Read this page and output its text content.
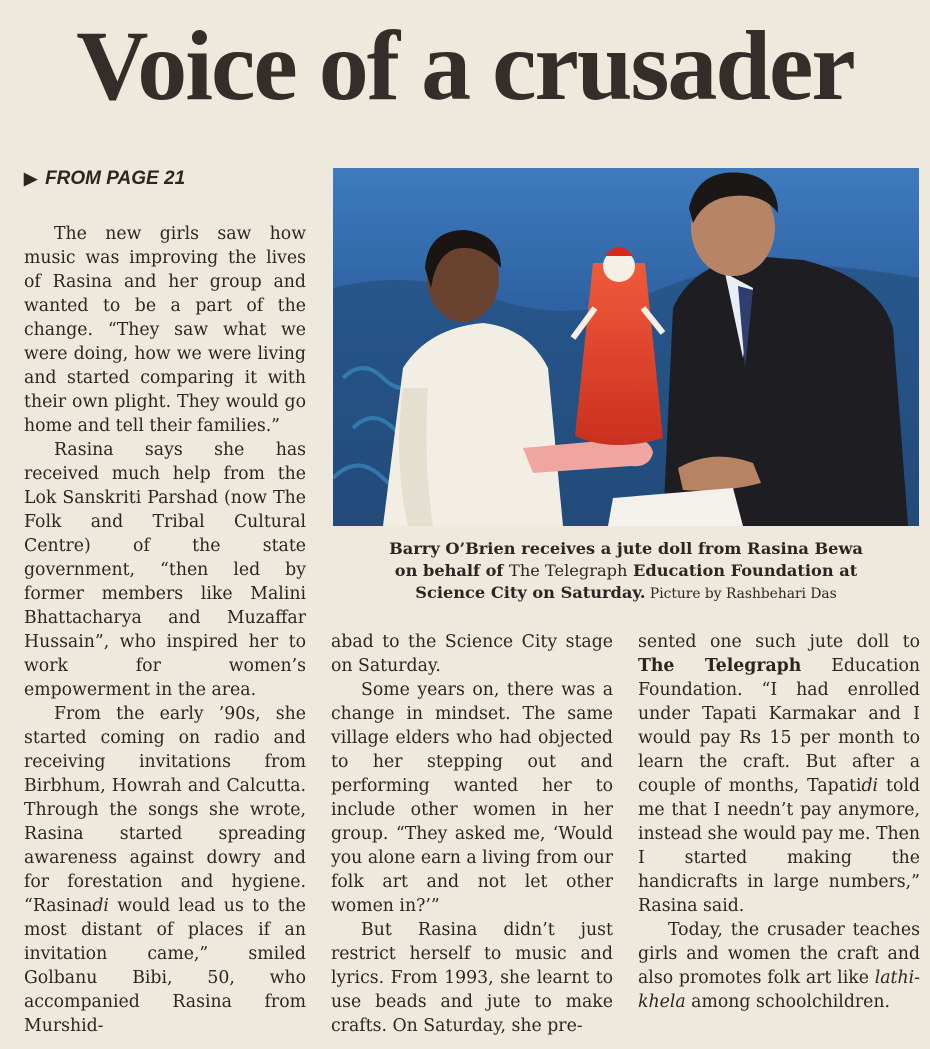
Voice of a crusader
▶ FROM PAGE 21

The new girls saw how music was improving the lives of Rasina and her group and wanted to be a part of the change. “They saw what we were doing, how we were living and started comparing it with their own plight. They would go home and tell their families.”

Rasina says she has received much help from the Lok Sanskriti Parshad (now The Folk and Tribal Cultural Centre) of the state government, “then led by former members like Malini Bhattacharya and Muzaffar Hussain”, who inspired her to work for women’s empowerment in the area.

From the early ’90s, she started coming on radio and receiving invitations from Birbhum, Howrah and Calcutta. Through the songs she wrote, Rasina started spreading awareness against dowry and for forestation and hygiene. “Rasinadi would lead us to the most distant of places if an invitation came,” smiled Golbanu Bibi, 50, who accompanied Rasina from Murshid-

Barry O’Brien receives a jute doll from Rasina Bewa
on behalf of The Telegraph Education Foundation at
Science City on Saturday. Picture by Rashbehari Das

abad to the Science City stage on Saturday.

Some years on, there was a change in mindset. The same village elders who had objected to her stepping out and performing wanted her to include other women in her group. “They asked me, ‘Would you alone earn a living from our folk art and not let other women in?’”

But Rasina didn’t just restrict herself to music and lyrics. From 1993, she learnt to use beads and jute to make crafts. On Saturday, she pre-

sented one such jute doll to The Telegraph Education Foundation. “I had enrolled under Tapati Karmakar and I would pay Rs 15 per month to learn the craft. But after a couple of months, Tapatidi told me that I needn’t pay anymore, instead she would pay me. Then I started making the handicrafts in large numbers,” Rasina said.

Today, the crusader teaches girls and women the craft and also promotes folk art like lathi-khela among schoolchildren.
